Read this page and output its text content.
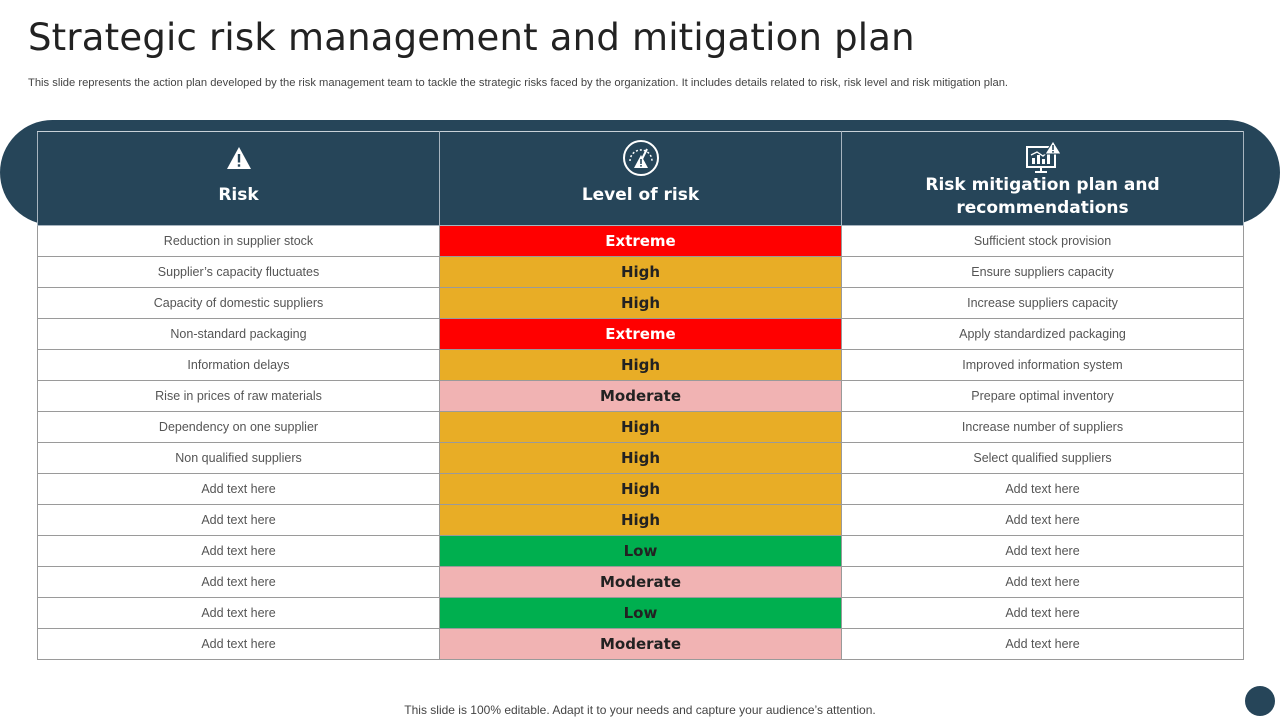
Strategic risk management and mitigation plan
This slide represents the action plan developed by the risk management team to tackle the strategic risks faced by the organization. It includes details related to risk, risk level and risk mitigation plan.
Risk	Level of risk	Risk mitigation plan and recommendations

Reduction in supplier stock	Extreme	Sufficient stock provision
Supplier’s capacity fluctuates	High	Ensure suppliers capacity
Capacity of domestic suppliers	High	Increase suppliers capacity
Non-standard packaging	Extreme	Apply standardized packaging
Information delays	High	Improved information system
Rise in prices of raw materials	Moderate	Prepare optimal inventory
Dependency on one supplier	High	Increase number of suppliers
Non qualified suppliers	High	Select qualified suppliers
Add text here	High	Add text here
Add text here	High	Add text here
Add text here	Low	Add text here
Add text here	Moderate	Add text here
Add text here	Low	Add text here
Add text here	Moderate	Add text here
This slide is 100% editable. Adapt it to your needs and capture your audience’s attention.
